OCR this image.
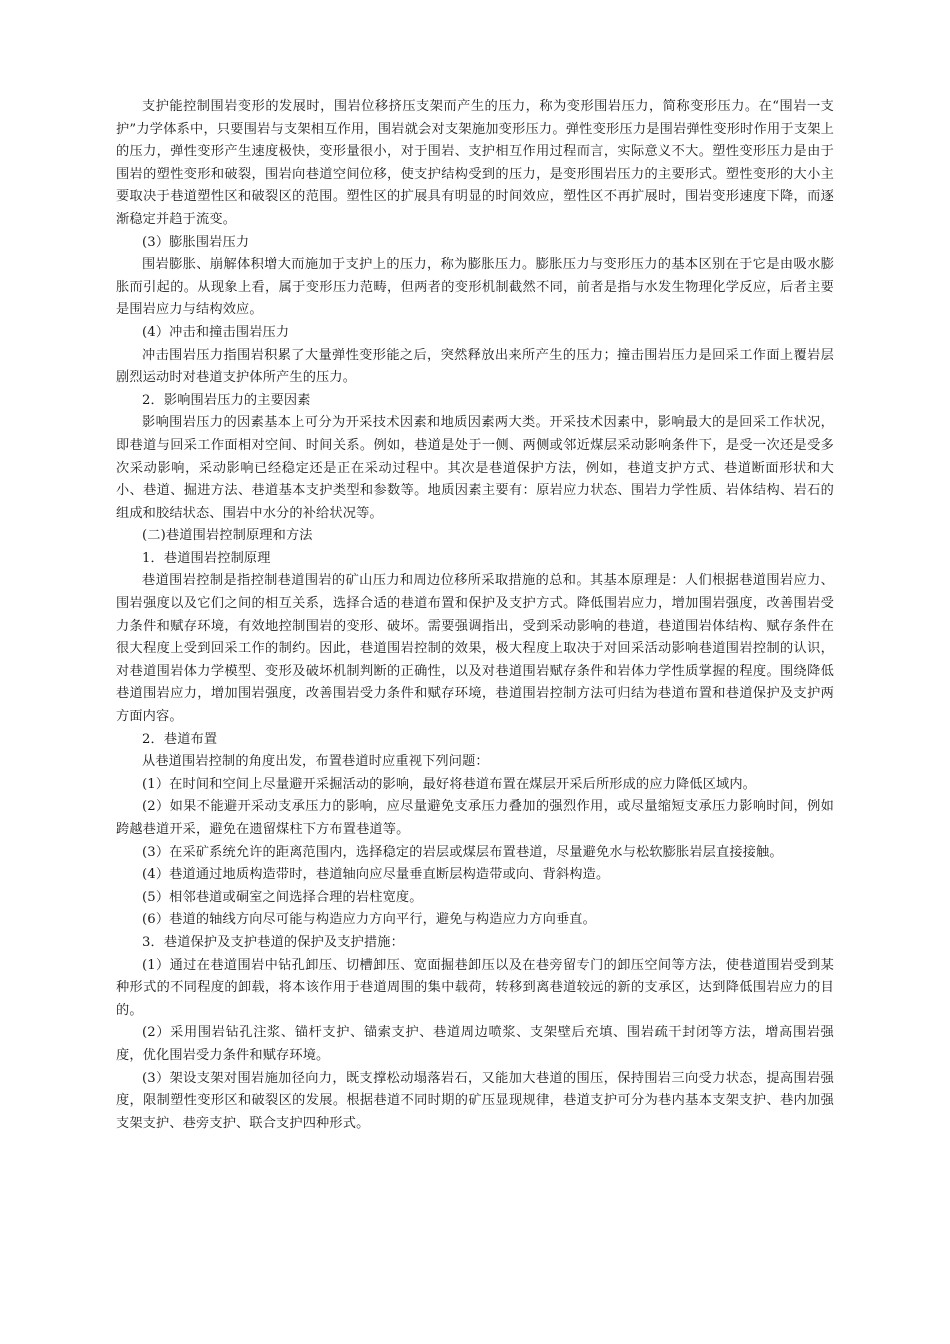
支护能控制围岩变形的发展时，围岩位移挤压支架而产生的压力，称为变形围岩压力，简称变形压力。在“围岩一支护”力学体系中，只要围岩与支架相互作用，围岩就会对支架施加变形压力。弹性变形压力是围岩弹性变形时作用于支架上的压力，弹性变形产生速度极快，变形量很小，对于围岩、支护相互作用过程而言，实际意义不大。塑性变形压力是由于围岩的塑性变形和破裂，围岩向巷道空间位移，使支护结构受到的压力，是变形围岩压力的主要形式。塑性变形的大小主要取决于巷道塑性区和破裂区的范围。塑性区的扩展具有明显的时间效应，塑性区不再扩展时，围岩变形速度下降，而逐渐稳定并趋于流变。

(3）膨胀围岩压力

围岩膨胀、崩解体积增大而施加于支护上的压力，称为膨胀压力。膨胀压力与变形压力的基本区别在于它是由吸水膨胀而引起的。从现象上看，属于变形压力范畴，但两者的变形机制截然不同，前者是指与水发生物理化学反应，后者主要是围岩应力与结构效应。

(4）冲击和撞击围岩压力

冲击围岩压力指围岩积累了大量弹性变形能之后，突然释放出来所产生的压力；撞击围岩压力是回采工作面上覆岩层剧烈运动时对巷道支护体所产生的压力。

2．影响围岩压力的主要因素

影响围岩压力的因素基本上可分为开采技术因素和地质因素两大类。开采技术因素中，影响最大的是回采工作状况，即巷道与回采工作面相对空间、时间关系。例如，巷道是处于一侧、两侧或邻近煤层采动影响条件下，是受一次还是受多次采动影响，采动影响已经稳定还是正在采动过程中。其次是巷道保护方法，例如，巷道支护方式、巷道断面形状和大小、巷道、掘进方法、巷道基本支护类型和参数等。地质因素主要有：原岩应力状态、围岩力学性质、岩体结构、岩石的组成和胶结状态、围岩中水分的补给状况等。

(二)巷道围岩控制原理和方法

1．巷道围岩控制原理

巷道围岩控制是指控制巷道围岩的矿山压力和周边位移所采取措施的总和。其基本原理是：人们根据巷道围岩应力、围岩强度以及它们之间的相互关系，选择合适的巷道布置和保护及支护方式。降低围岩应力，增加围岩强度，改善围岩受力条件和赋存环境，有效地控制围岩的变形、破坏。需要强调指出，受到采动影响的巷道，巷道围岩体结构、赋存条件在很大程度上受到回采工作的制约。因此，巷道围岩控制的效果，极大程度上取决于对回采活动影响巷道围岩控制的认识，对巷道围岩体力学模型、变形及破坏机制判断的正确性，以及对巷道围岩赋存条件和岩体力学性质掌握的程度。围绕降低巷道围岩应力，增加围岩强度，改善围岩受力条件和赋存环境，巷道围岩控制方法可归结为巷道布置和巷道保护及支护两方面内容。

2．巷道布置

从巷道围岩控制的角度出发，布置巷道时应重视下列问题：

(1）在时间和空间上尽量避开采掘活动的影响，最好将巷道布置在煤层开采后所形成的应力降低区域内。

(2）如果不能避开采动支承压力的影响，应尽量避免支承压力叠加的强烈作用，或尽量缩短支承压力影响时间，例如跨越巷道开采，避免在遗留煤柱下方布置巷道等。

(3）在采矿系统允许的距离范围内，选择稳定的岩层或煤层布置巷道，尽量避免水与松软膨胀岩层直接接触。

(4）巷道通过地质构造带时，巷道轴向应尽量垂直断层构造带或向、背斜构造。

(5）相邻巷道或硐室之间选择合理的岩柱宽度。

(6）巷道的轴线方向尽可能与构造应力方向平行，避免与构造应力方向垂直。

3．巷道保护及支护巷道的保护及支护措施：

(1）通过在巷道围岩中钻孔卸压、切槽卸压、宽面掘巷卸压以及在巷旁留专门的卸压空间等方法，使巷道围岩受到某种形式的不同程度的卸载，将本该作用于巷道周围的集中载荷，转移到离巷道较远的新的支承区，达到降低围岩应力的目的。

(2）采用围岩钻孔注浆、锚杆支护、锚索支护、巷道周边喷浆、支架壁后充填、围岩疏干封闭等方法，增高围岩强度，优化围岩受力条件和赋存环境。

(3）架设支架对围岩施加径向力，既支撑松动塌落岩石，又能加大巷道的围压，保持围岩三向受力状态，提高围岩强度，限制塑性变形区和破裂区的发展。根据巷道不同时期的矿压显现规律，巷道支护可分为巷内基本支架支护、巷内加强支架支护、巷旁支护、联合支护四种形式。
